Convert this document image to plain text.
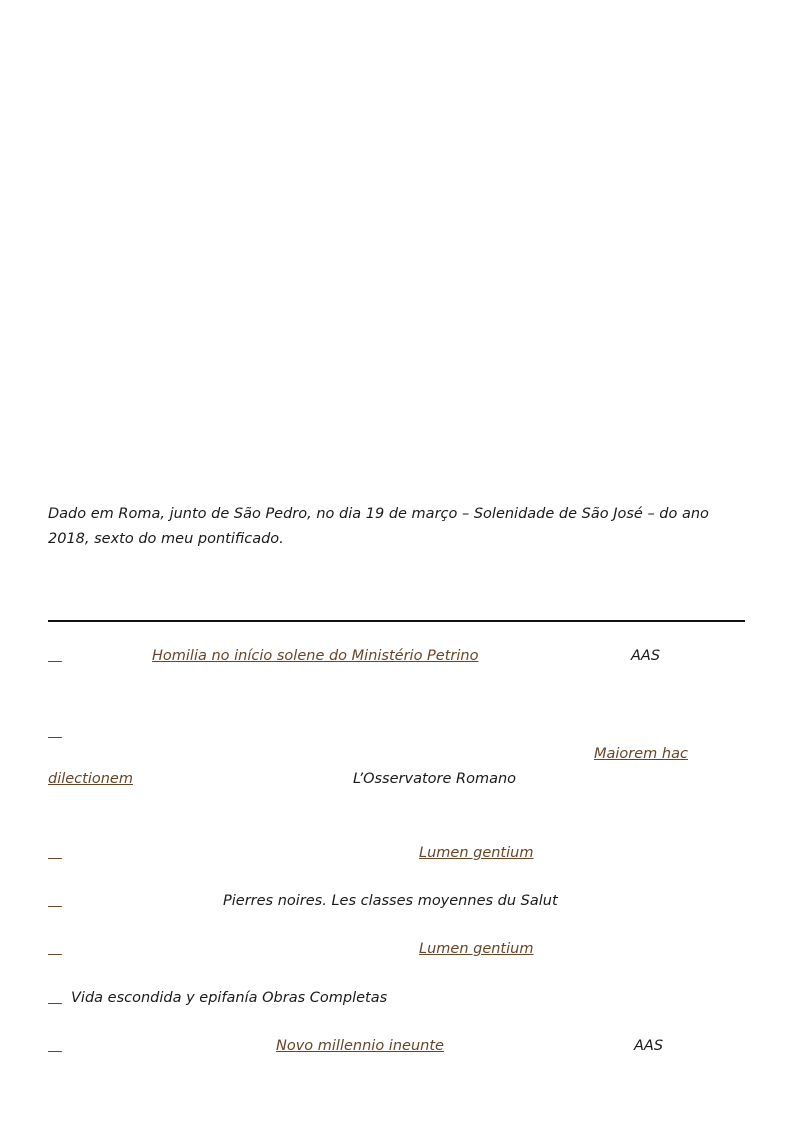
Dado em Roma, junto de São Pedro, no dia 19 de março – Solenidade de São José – do ano 2018, sexto do meu pontificado.

Homilia no início solene do Ministério Petrino	AAS

Maiorem hac
dilectionem	L’Osservatore Romano

Lumen gentium

Pierres noires. Les classes moyennes du Salut

Lumen gentium

Vida escondida y epifanía Obras Completas

Novo millennio ineunte	AAS
